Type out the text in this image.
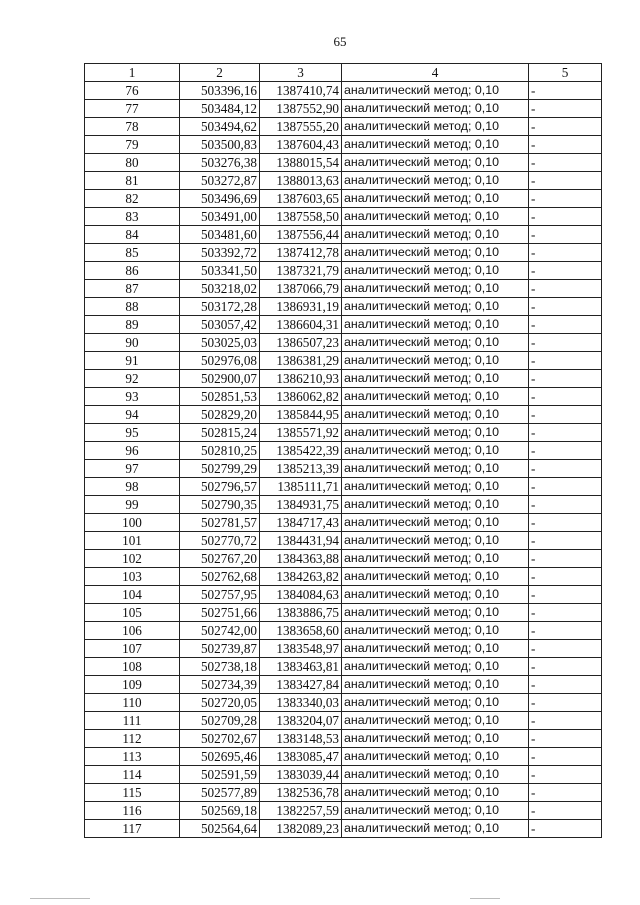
65
1	2	3	4	5
76	503396,16	1387410,74	аналитический метод; 0,10	-
77	503484,12	1387552,90	аналитический метод; 0,10	-
78	503494,62	1387555,20	аналитический метод; 0,10	-
79	503500,83	1387604,43	аналитический метод; 0,10	-
80	503276,38	1388015,54	аналитический метод; 0,10	-
81	503272,87	1388013,63	аналитический метод; 0,10	-
82	503496,69	1387603,65	аналитический метод; 0,10	-
83	503491,00	1387558,50	аналитический метод; 0,10	-
84	503481,60	1387556,44	аналитический метод; 0,10	-
85	503392,72	1387412,78	аналитический метод; 0,10	-
86	503341,50	1387321,79	аналитический метод; 0,10	-
87	503218,02	1387066,79	аналитический метод; 0,10	-
88	503172,28	1386931,19	аналитический метод; 0,10	-
89	503057,42	1386604,31	аналитический метод; 0,10	-
90	503025,03	1386507,23	аналитический метод; 0,10	-
91	502976,08	1386381,29	аналитический метод; 0,10	-
92	502900,07	1386210,93	аналитический метод; 0,10	-
93	502851,53	1386062,82	аналитический метод; 0,10	-
94	502829,20	1385844,95	аналитический метод; 0,10	-
95	502815,24	1385571,92	аналитический метод; 0,10	-
96	502810,25	1385422,39	аналитический метод; 0,10	-
97	502799,29	1385213,39	аналитический метод; 0,10	-
98	502796,57	1385111,71	аналитический метод; 0,10	-
99	502790,35	1384931,75	аналитический метод; 0,10	-
100	502781,57	1384717,43	аналитический метод; 0,10	-
101	502770,72	1384431,94	аналитический метод; 0,10	-
102	502767,20	1384363,88	аналитический метод; 0,10	-
103	502762,68	1384263,82	аналитический метод; 0,10	-
104	502757,95	1384084,63	аналитический метод; 0,10	-
105	502751,66	1383886,75	аналитический метод; 0,10	-
106	502742,00	1383658,60	аналитический метод; 0,10	-
107	502739,87	1383548,97	аналитический метод; 0,10	-
108	502738,18	1383463,81	аналитический метод; 0,10	-
109	502734,39	1383427,84	аналитический метод; 0,10	-
110	502720,05	1383340,03	аналитический метод; 0,10	-
111	502709,28	1383204,07	аналитический метод; 0,10	-
112	502702,67	1383148,53	аналитический метод; 0,10	-
113	502695,46	1383085,47	аналитический метод; 0,10	-
114	502591,59	1383039,44	аналитический метод; 0,10	-
115	502577,89	1382536,78	аналитический метод; 0,10	-
116	502569,18	1382257,59	аналитический метод; 0,10	-
117	502564,64	1382089,23	аналитический метод; 0,10	-
